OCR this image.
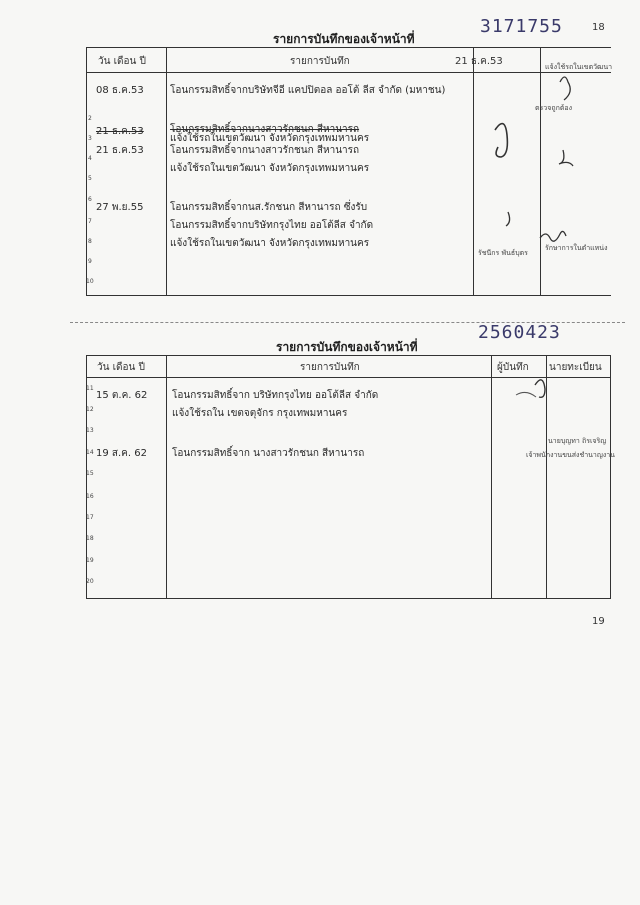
18
รายการบันทึกของเจ้าหน้าที่
3171755
วัน เดือน ปี	รายการบันทึก	21 ธ.ค.53
2
3
4
5
6
7
8
9
10
08 ธ.ค.53	โอนกรรมสิทธิ์จากบริษัทจีอี แคปปิตอล ออโต้ ลีส จำกัด (มหาชน)
21 ธ.ค.53	โอนกรรมสิทธิ์จากนางสาวรักชนก สีหานารถ
แจ้งใช้รถในเขตวัฒนา จังหวัดกรุงเทพมหานคร
21 ธ.ค.53	โอนกรรมสิทธิ์จากนางสาวรักชนก สีหานารถ
แจ้งใช้รถในเขตวัฒนา จังหวัดกรุงเทพมหานคร
27 พ.ย.55	โอนกรรมสิทธิ์จากนส.รักชนก สีหานารถ ซึ่งรับ
โอนกรรมสิทธิ์จากบริษัทกรุงไทย ออโต้ลีส จำกัด
แจ้งใช้รถในเขตวัฒนา จังหวัดกรุงเทพมหานคร
แจ้งใช้รถในเขตวัฒนา
ตรวจถูกต้อง
รักษาการในตำแหน่ง
รัชนีกร พันธ์บุตร
รายการบันทึกของเจ้าหน้าที่
2560423
วัน เดือน ปี	รายการบันทึก	ผู้บันทึก นายทะเบียน
11
12
13
14
15
16
17
18
19
20
15 ต.ค. 62 โอนกรรมสิทธิ์จาก บริษัทกรุงไทย ออโต้ลีส จำกัด
แจ้งใช้รถใน เขตจตุจักร กรุงเทพมหานคร
19 ส.ค. 62	โอนกรรมสิทธิ์จาก นางสาวรักชนก สีหานารถ
นายบุญทา ถิรเจริญ
เจ้าพนักงานขนส่งชำนาญงาน
19
